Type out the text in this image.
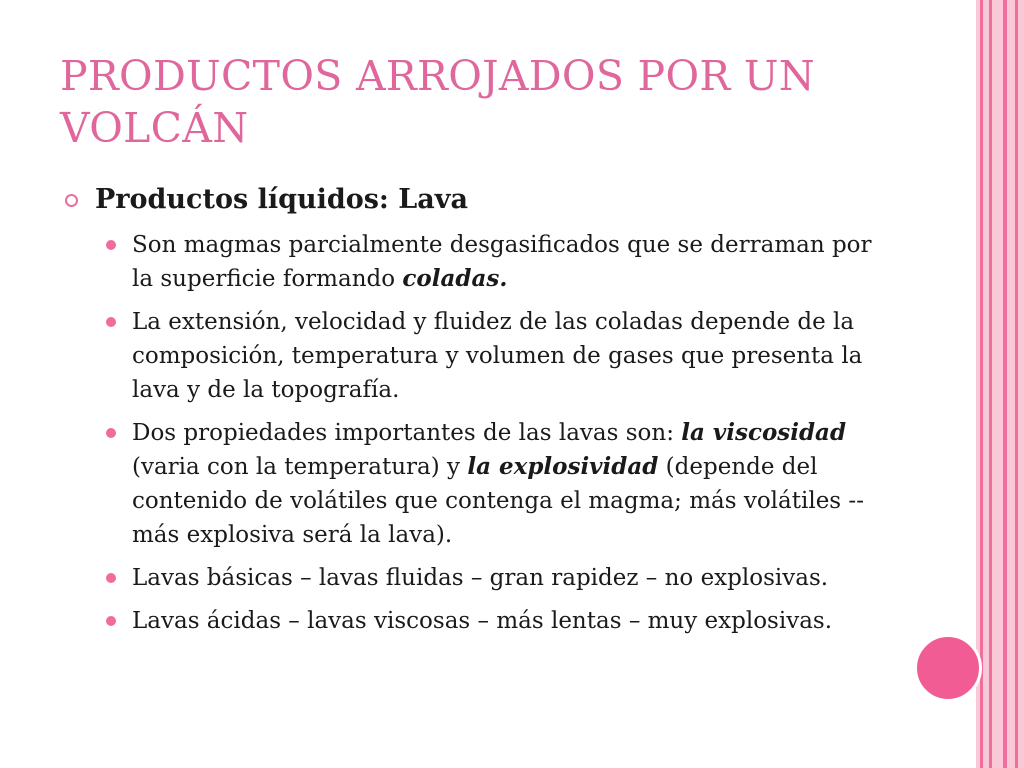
PRODUCTOS ARROJADOS POR UN VOLCÁN
Productos líquidos: Lava
Son magmas parcialmente desgasificados que se derraman por la superficie formando coladas.
La extensión, velocidad y fluidez de las coladas depende de la composición, temperatura y volumen de gases que presenta la lava y de la topografía.
Dos propiedades importantes de las lavas son: la viscosidad (varia con la temperatura) y la explosividad (depende del contenido de volátiles que contenga el magma; más volátiles -- más explosiva será la lava).
Lavas básicas – lavas fluidas – gran rapidez – no explosivas.
Lavas ácidas – lavas viscosas – más lentas – muy explosivas.
